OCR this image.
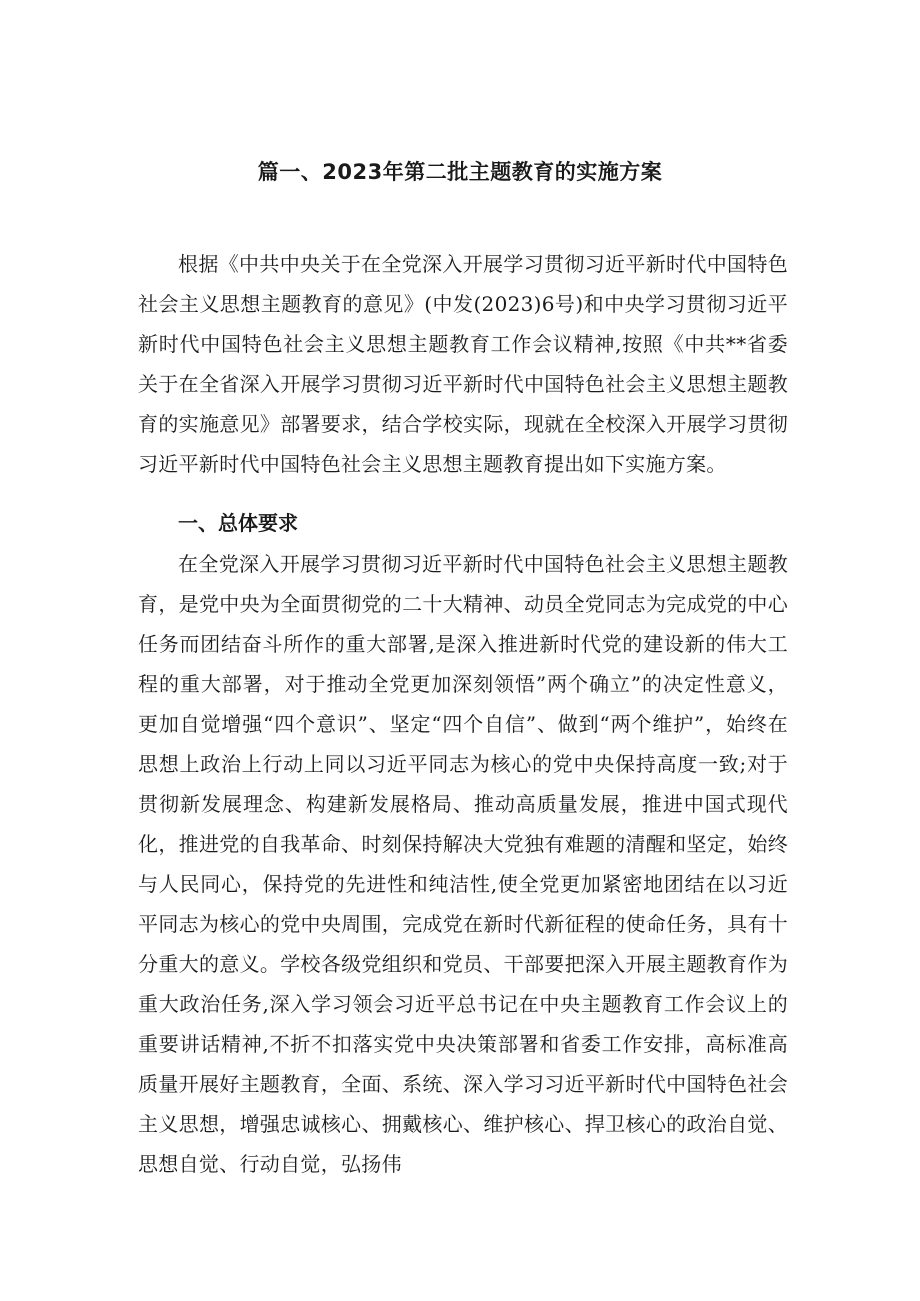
篇一、2023年第二批主题教育的实施方案
根据《中共中央关于在全党深入开展学习贯彻习近平新时代中国特色社会主义思想主题教育的意见》(中发(2023)6号)和中央学习贯彻习近平新时代中国特色社会主义思想主题教育工作会议精神,按照《中共**省委关于在全省深入开展学习贯彻习近平新时代中国特色社会主义思想主题教育的实施意见》部署要求，结合学校实际，现就在全校深入开展学习贯彻习近平新时代中国特色社会主义思想主题教育提出如下实施方案。
一、总体要求
在全党深入开展学习贯彻习近平新时代中国特色社会主义思想主题教育，是党中央为全面贯彻党的二十大精神、动员全党同志为完成党的中心任务而团结奋斗所作的重大部署,是深入推进新时代党的建设新的伟大工程的重大部署，对于推动全党更加深刻领悟”两个确立”的决定性意义，更加自觉增强“四个意识”、坚定“四个自信”、做到“两个维护”，始终在思想上政治上行动上同以习近平同志为核心的党中央保持高度一致;对于贯彻新发展理念、构建新发展格局、推动高质量发展，推进中国式现代化，推进党的自我革命、时刻保持解决大党独有难题的清醒和坚定，始终与人民同心，保持党的先进性和纯洁性,使全党更加紧密地团结在以习近平同志为核心的党中央周围，完成党在新时代新征程的使命任务，具有十分重大的意义。学校各级党组织和党员、干部要把深入开展主题教育作为重大政治任务,深入学习领会习近平总书记在中央主题教育工作会议上的重要讲话精神,不折不扣落实党中央决策部署和省委工作安排，高标准高质量开展好主题教育，全面、系统、深入学习习近平新时代中国特色社会主义思想，增强忠诚核心、拥戴核心、维护核心、捍卫核心的政治自觉、思想自觉、行动自觉，弘扬伟
